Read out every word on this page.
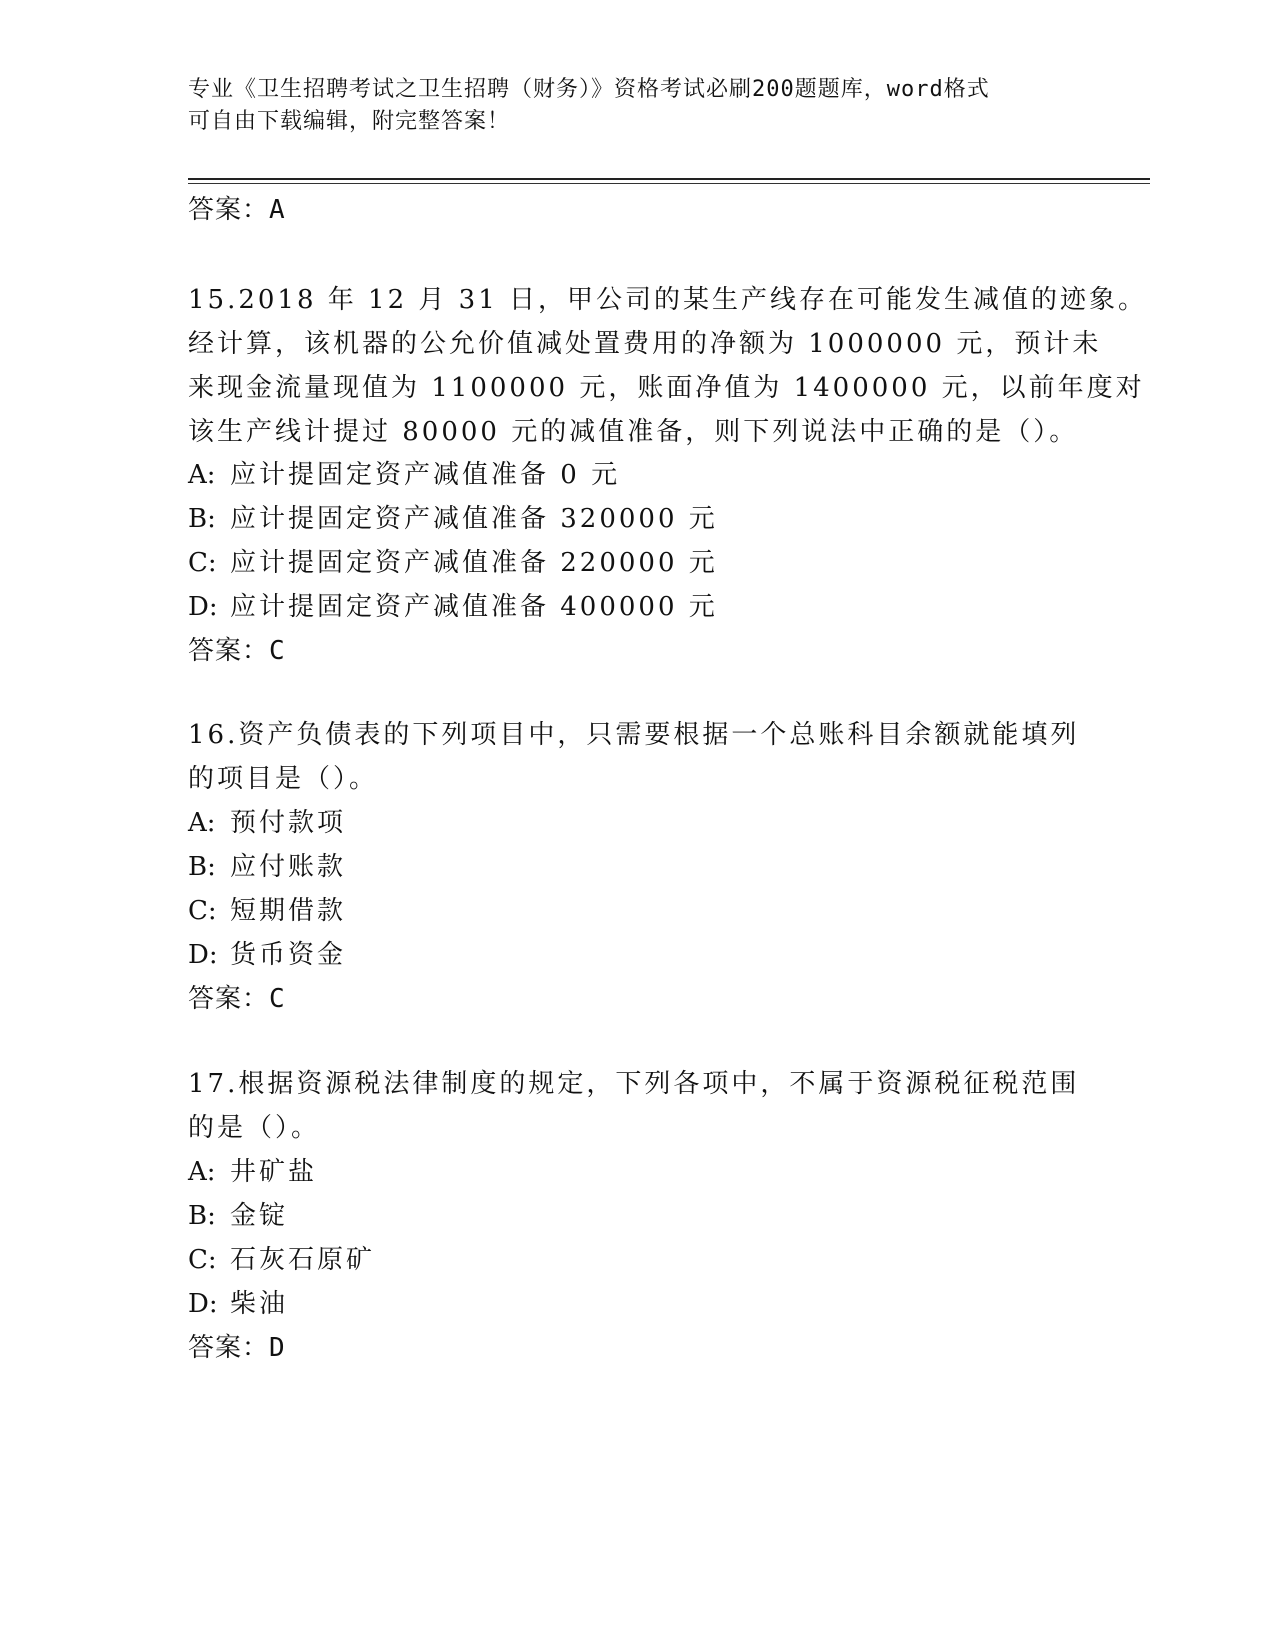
专业《卫生招聘考试之卫生招聘（财务）》资格考试必刷200题题库，word格式
可自由下载编辑，附完整答案！
答案：A
15.2018 年 12 月 31 日，甲公司的某生产线存在可能发生减值的迹象。
经计算，该机器的公允价值减处置费用的净额为 1000000 元，预计未
来现金流量现值为 1100000 元，账面净值为 1400000 元，以前年度对
该生产线计提过 80000 元的减值准备，则下列说法中正确的是（）。
A: 应计提固定资产减值准备 0 元
B: 应计提固定资产减值准备 320000 元
C: 应计提固定资产减值准备 220000 元
D: 应计提固定资产减值准备 400000 元
答案：C
16.资产负债表的下列项目中，只需要根据一个总账科目余额就能填列
的项目是（）。
A: 预付款项
B: 应付账款
C: 短期借款
D: 货币资金
答案：C
17.根据资源税法律制度的规定，下列各项中，不属于资源税征税范围
的是（）。
A: 井矿盐
B: 金锭
C: 石灰石原矿
D: 柴油
答案：D
